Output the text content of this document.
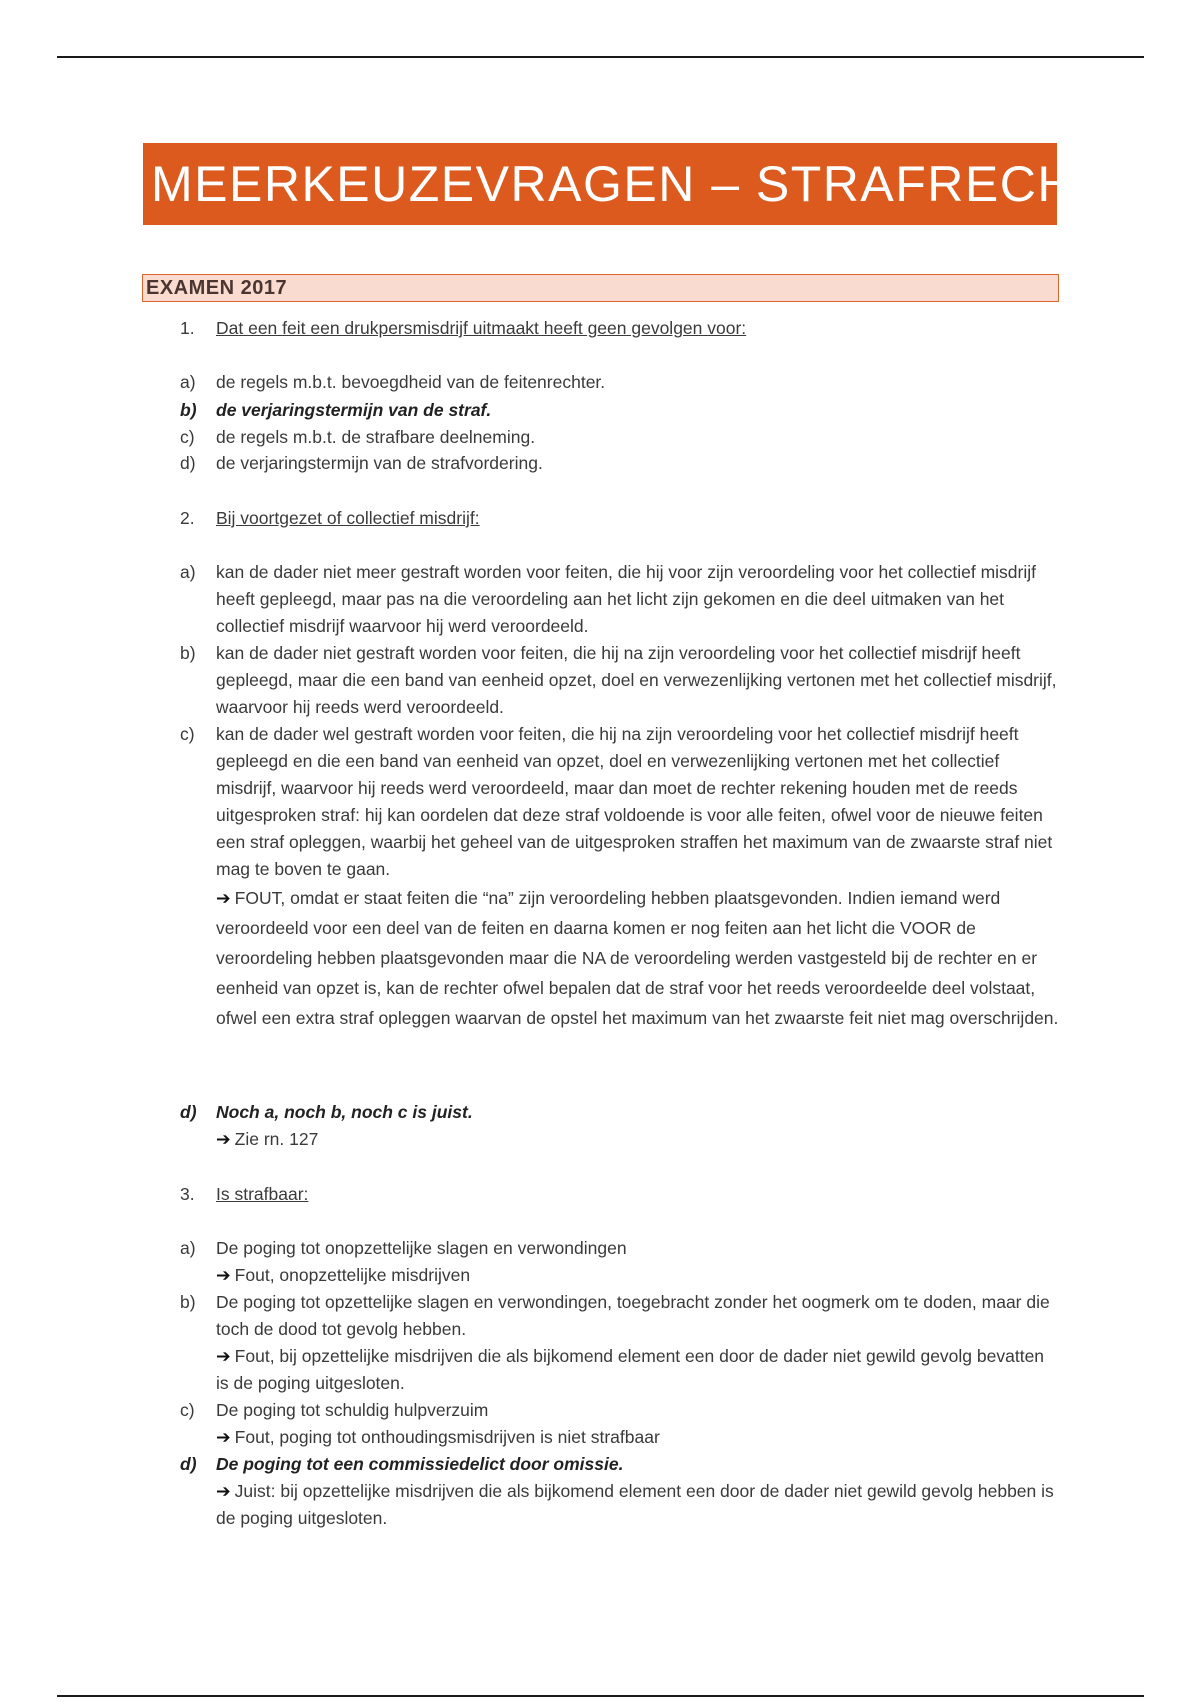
MEERKEUZEVRAGEN – STRAFRECHT
EXAMEN 2017
1. Dat een feit een drukpersmisdrijf uitmaakt heeft geen gevolgen voor:
a) de regels m.b.t. bevoegdheid van de feitenrechter.
b) de verjaringstermijn van de straf.
c) de regels m.b.t. de strafbare deelneming.
d) de verjaringstermijn van de strafvordering.
2. Bij voortgezet of collectief misdrijf:
a) kan de dader niet meer gestraft worden voor feiten, die hij voor zijn veroordeling voor het collectief misdrijf heeft gepleegd, maar pas na die veroordeling aan het licht zijn gekomen en die deel uitmaken van het collectief misdrijf waarvoor hij werd veroordeeld.
b) kan de dader niet gestraft worden voor feiten, die hij na zijn veroordeling voor het collectief misdrijf heeft gepleegd, maar die een band van eenheid opzet, doel en verwezenlijking vertonen met het collectief misdrijf, waarvoor hij reeds werd veroordeeld.
c) kan de dader wel gestraft worden voor feiten, die hij na zijn veroordeling voor het collectief misdrijf heeft gepleegd en die een band van eenheid van opzet, doel en verwezenlijking vertonen met het collectief misdrijf, waarvoor hij reeds werd veroordeeld, maar dan moet de rechter rekening houden met de reeds uitgesproken straf: hij kan oordelen dat deze straf voldoende is voor alle feiten, ofwel voor de nieuwe feiten een straf opleggen, waarbij het geheel van de uitgesproken straffen het maximum van de zwaarste straf niet mag te boven te gaan.
➔ FOUT, omdat er staat feiten die “na” zijn veroordeling hebben plaatsgevonden. Indien iemand werd veroordeeld voor een deel van de feiten en daarna komen er nog feiten aan het licht die VOOR de veroordeling hebben plaatsgevonden maar die NA de veroordeling werden vastgesteld bij de rechter en er eenheid van opzet is, kan de rechter ofwel bepalen dat de straf voor het reeds veroordeelde deel volstaat, ofwel een extra straf opleggen waarvan de opstel het maximum van het zwaarste feit niet mag overschrijden.
d) Noch a, noch b, noch c is juist.
➔ Zie rn. 127
3. Is strafbaar:
a) De poging tot onopzettelijke slagen en verwondingen
➔ Fout, onopzettelijke misdrijven
b) De poging tot opzettelijke slagen en verwondingen, toegebracht zonder het oogmerk om te doden, maar die toch de dood tot gevolg hebben.
➔ Fout, bij opzettelijke misdrijven die als bijkomend element een door de dader niet gewild gevolg bevatten is de poging uitgesloten.
c) De poging tot schuldig hulpverzuim
➔ Fout, poging tot onthoudingsmisdrijven is niet strafbaar
d) De poging tot een commissiedelict door omissie.
➔ Juist: bij opzettelijke misdrijven die als bijkomend element een door de dader niet gewild gevolg hebben is de poging uitgesloten.
